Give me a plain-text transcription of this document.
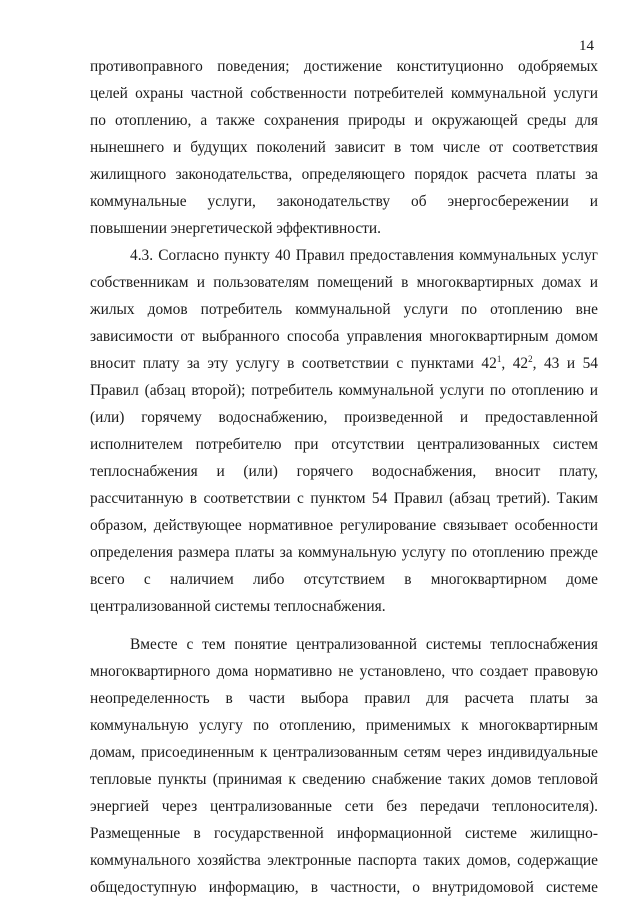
14

противоправного поведения; достижение конституционно одобряемых

целей охраны частной собственности потребителей коммунальной услуги

по отоплению, а также сохранения природы и окружающей среды для

нынешнего и будущих поколений зависит в том числе от соответствия

жилищного законодательства, определяющего порядок расчета платы за

коммунальные услуги, законодательству об энергосбережении и

повышении энергетической эффективности.

4.3. Согласно пункту 40 Правил предоставления коммунальных услуг

собственникам и пользователям помещений в многоквартирных домах и

жилых домов потребитель коммунальной услуги по отоплению вне

зависимости от выбранного способа управления многоквартирным домом

вносит плату за эту услугу в соответствии с пунктами $42^1$, $42^2$, 43 и 54

Правил (абзац второй); потребитель коммунальной услуги по отоплению и

(или) горячему водоснабжению, произведенной и предоставленной

исполнителем потребителю при отсутствии централизованных систем

теплоснабжения и (или) горячего водоснабжения, вносит плату,

рассчитанную в соответствии с пунктом 54 Правил (абзац третий). Таким

образом, действующее нормативное регулирование связывает особенности

определения размера платы за коммунальную услугу по отоплению прежде

всего с наличием либо отсутствием в многоквартирном доме

централизованной системы теплоснабжения.

Вместе с тем понятие централизованной системы теплоснабжения

многоквартирного дома нормативно не установлено, что создает правовую

неопределенность в части выбора правил для расчета платы за

коммунальную услугу по отоплению, применимых к многоквартирным

домам, присоединенным к централизованным сетям через индивидуальные

тепловые пункты (принимая к сведению снабжение таких домов тепловой

энергией через централизованные сети без передачи теплоносителя).

Размещенные в государственной информационной системе жилищно-

коммунального хозяйства электронные паспорта таких домов, содержащие

общедоступную информацию, в частности, о внутридомовой системе
